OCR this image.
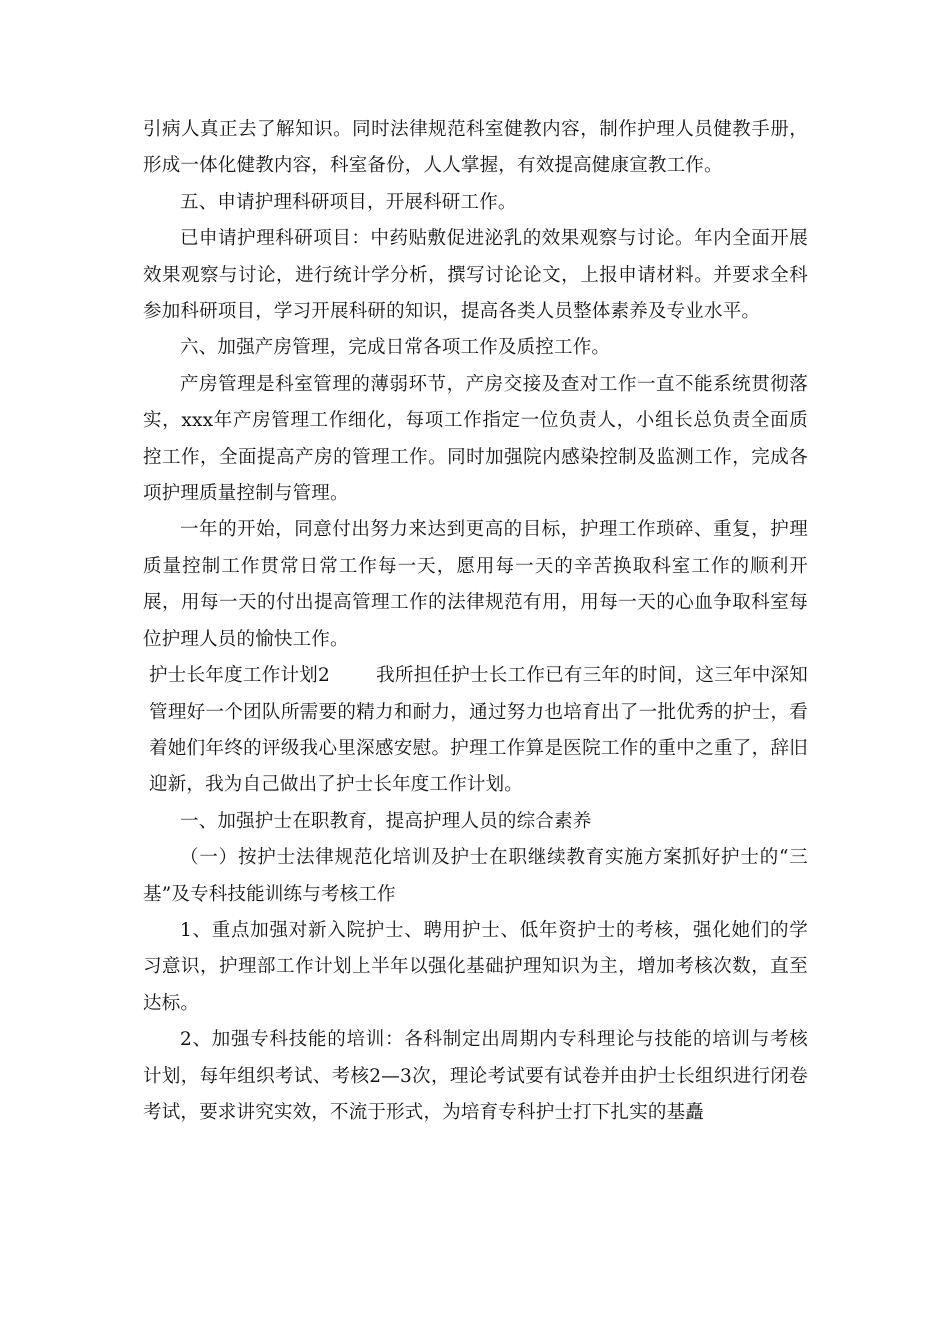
引病人真正去了解知识。同时法律规范科室健教内容，制作护理人员健教手册，形成一体化健教内容，科室备份，人人掌握，有效提高健康宣教工作。

五、申请护理科研项目，开展科研工作。

已申请护理科研项目：中药贴敷促进泌乳的效果观察与讨论。年内全面开展效果观察与讨论，进行统计学分析，撰写讨论论文，上报申请材料。并要求全科参加科研项目，学习开展科研的知识，提高各类人员整体素养及专业水平。

六、加强产房管理，完成日常各项工作及质控工作。

产房管理是科室管理的薄弱环节，产房交接及查对工作一直不能系统贯彻落实，xxx年产房管理工作细化，每项工作指定一位负责人，小组长总负责全面质控工作，全面提高产房的管理工作。同时加强院内感染控制及监测工作，完成各项护理质量控制与管理。

一年的开始，同意付出努力来达到更高的目标，护理工作琐碎、重复，护理质量控制工作贯常日常工作每一天，愿用每一天的辛苦换取科室工作的顺利开展，用每一天的付出提高管理工作的法律规范有用，用每一天的心血争取科室每位护理人员的愉快工作。

护士长年度工作计划2 我所担任护士长工作已有三年的时间，这三年中深知管理好一个团队所需要的精力和耐力，通过努力也培育出了一批优秀的护士，看着她们年终的评级我心里深感安慰。护理工作算是医院工作的重中之重了，辞旧迎新，我为自己做出了护士长年度工作计划。

一、加强护士在职教育，提高护理人员的综合素养

（一）按护士法律规范化培训及护士在职继续教育实施方案抓好护士的“三基”及专科技能训练与考核工作

1、重点加强对新入院护士、聘用护士、低年资护士的考核，强化她们的学习意识，护理部工作计划上半年以强化基础护理知识为主，增加考核次数，直至达标。

2、加强专科技能的培训：各科制定出周期内专科理论与技能的培训与考核计划，每年组织考试、考核2—3次，理论考试要有试卷并由护士长组织进行闭卷考试，要求讲究实效，不流于形式，为培育专科护士打下扎实的基矗
